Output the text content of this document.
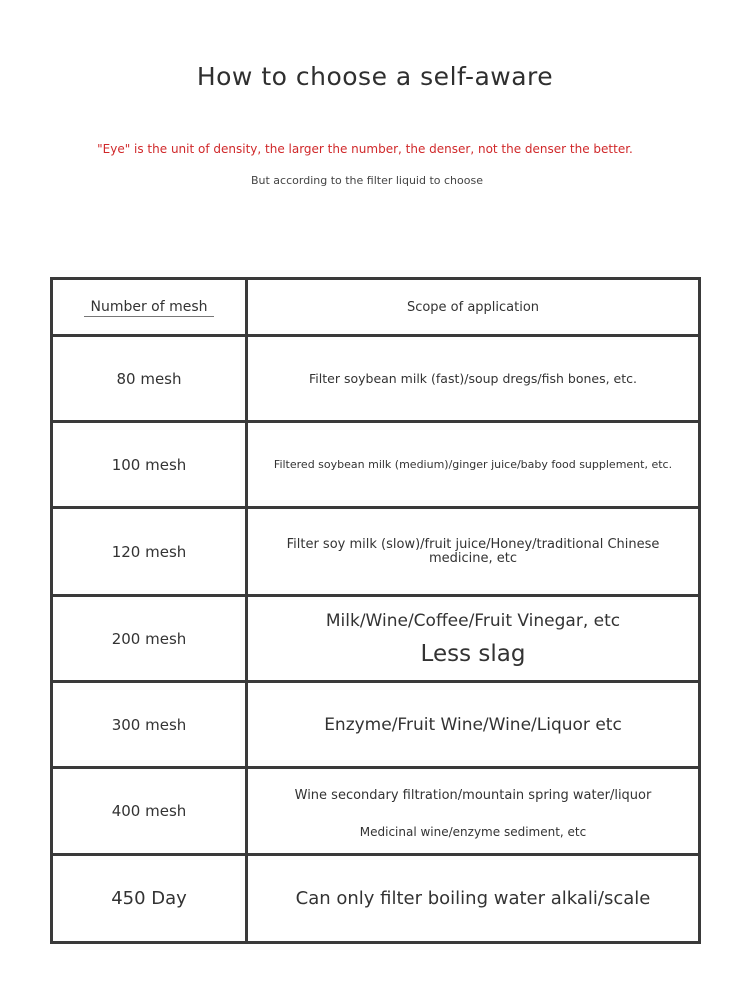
How to choose a self-aware
"Eye" is the unit of density, the larger the number, the denser, not the denser the better.
But according to the filter liquid to choose
Number of mesh	Scope of application
80 mesh	Filter soybean milk (fast)/soup dregs/fish bones, etc.
100 mesh	Filtered soybean milk (medium)/ginger juice/baby food supplement, etc.
120 mesh	Filter soy milk (slow)/fruit juice/Honey/traditional Chinese medicine, etc
200 mesh	Milk/Wine/Coffee/Fruit Vinegar, etc
Less slag

300 mesh	Enzyme/Fruit Wine/Wine/Liquor etc
400 mesh	Wine secondary filtration/mountain spring water/liquor
Medicinal wine/enzyme sediment, etc

450 Day	Can only filter boiling water alkali/scale
